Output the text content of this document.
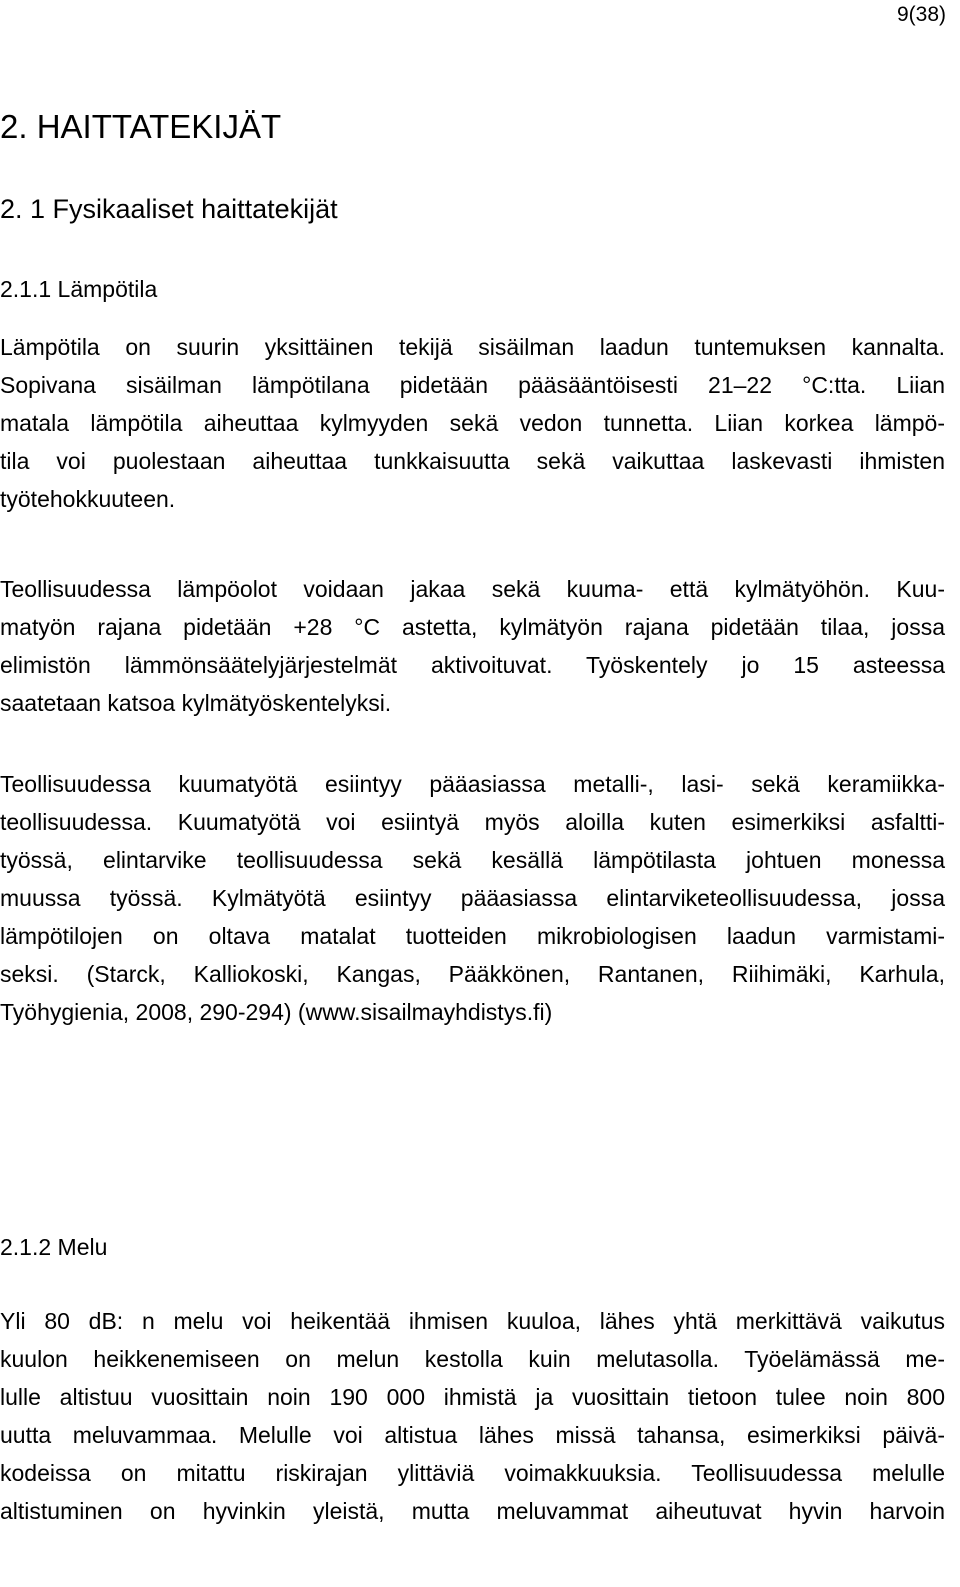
9(38)
2. HAITTATEKIJÄT
2. 1 Fysikaaliset haittatekijät
2.1.1 Lämpötila
Lämpötila on suurin yksittäinen tekijä sisäilman laadun tuntemuksen kannalta.
Sopivana sisäilman lämpötilana pidetään pääsääntöisesti 21–22 °C:tta. Liian
matala lämpötila aiheuttaa kylmyyden sekä vedon tunnetta. Liian korkea lämpö-
tila voi puolestaan aiheuttaa tunkkaisuutta sekä vaikuttaa laskevasti ihmisten
työtehokkuuteen.
Teollisuudessa lämpöolot voidaan jakaa sekä kuuma- että kylmätyöhön. Kuu-
matyön rajana pidetään +28 °C astetta, kylmätyön rajana pidetään tilaa, jossa
elimistön lämmönsäätelyjärjestelmät aktivoituvat. Työskentely jo 15 asteessa
saatetaan katsoa kylmätyöskentelyksi.
Teollisuudessa kuumatyötä esiintyy pääasiassa metalli-, lasi- sekä keramiikka-
teollisuudessa. Kuumatyötä voi esiintyä myös aloilla kuten esimerkiksi asfaltti-
työssä, elintarvike teollisuudessa sekä kesällä lämpötilasta johtuen monessa
muussa työssä. Kylmätyötä esiintyy pääasiassa elintarviketeollisuudessa, jossa
lämpötilojen on oltava matalat tuotteiden mikrobiologisen laadun varmistami-
seksi. (Starck, Kalliokoski, Kangas, Pääkkönen, Rantanen, Riihimäki, Karhula,
Työhygienia, 2008, 290-294) (www.sisailmayhdistys.fi)
2.1.2 Melu
Yli 80 dB: n melu voi heikentää ihmisen kuuloa, lähes yhtä merkittävä vaikutus
kuulon heikkenemiseen on melun kestolla kuin melutasolla. Työelämässä me-
lulle altistuu vuosittain noin 190 000 ihmistä ja vuosittain tietoon tulee noin 800
uutta meluvammaa. Melulle voi altistua lähes missä tahansa, esimerkiksi päivä-
kodeissa on mitattu riskirajan ylittäviä voimakkuuksia. Teollisuudessa melulle
altistuminen on hyvinkin yleistä, mutta meluvammat aiheutuvat hyvin harvoin
